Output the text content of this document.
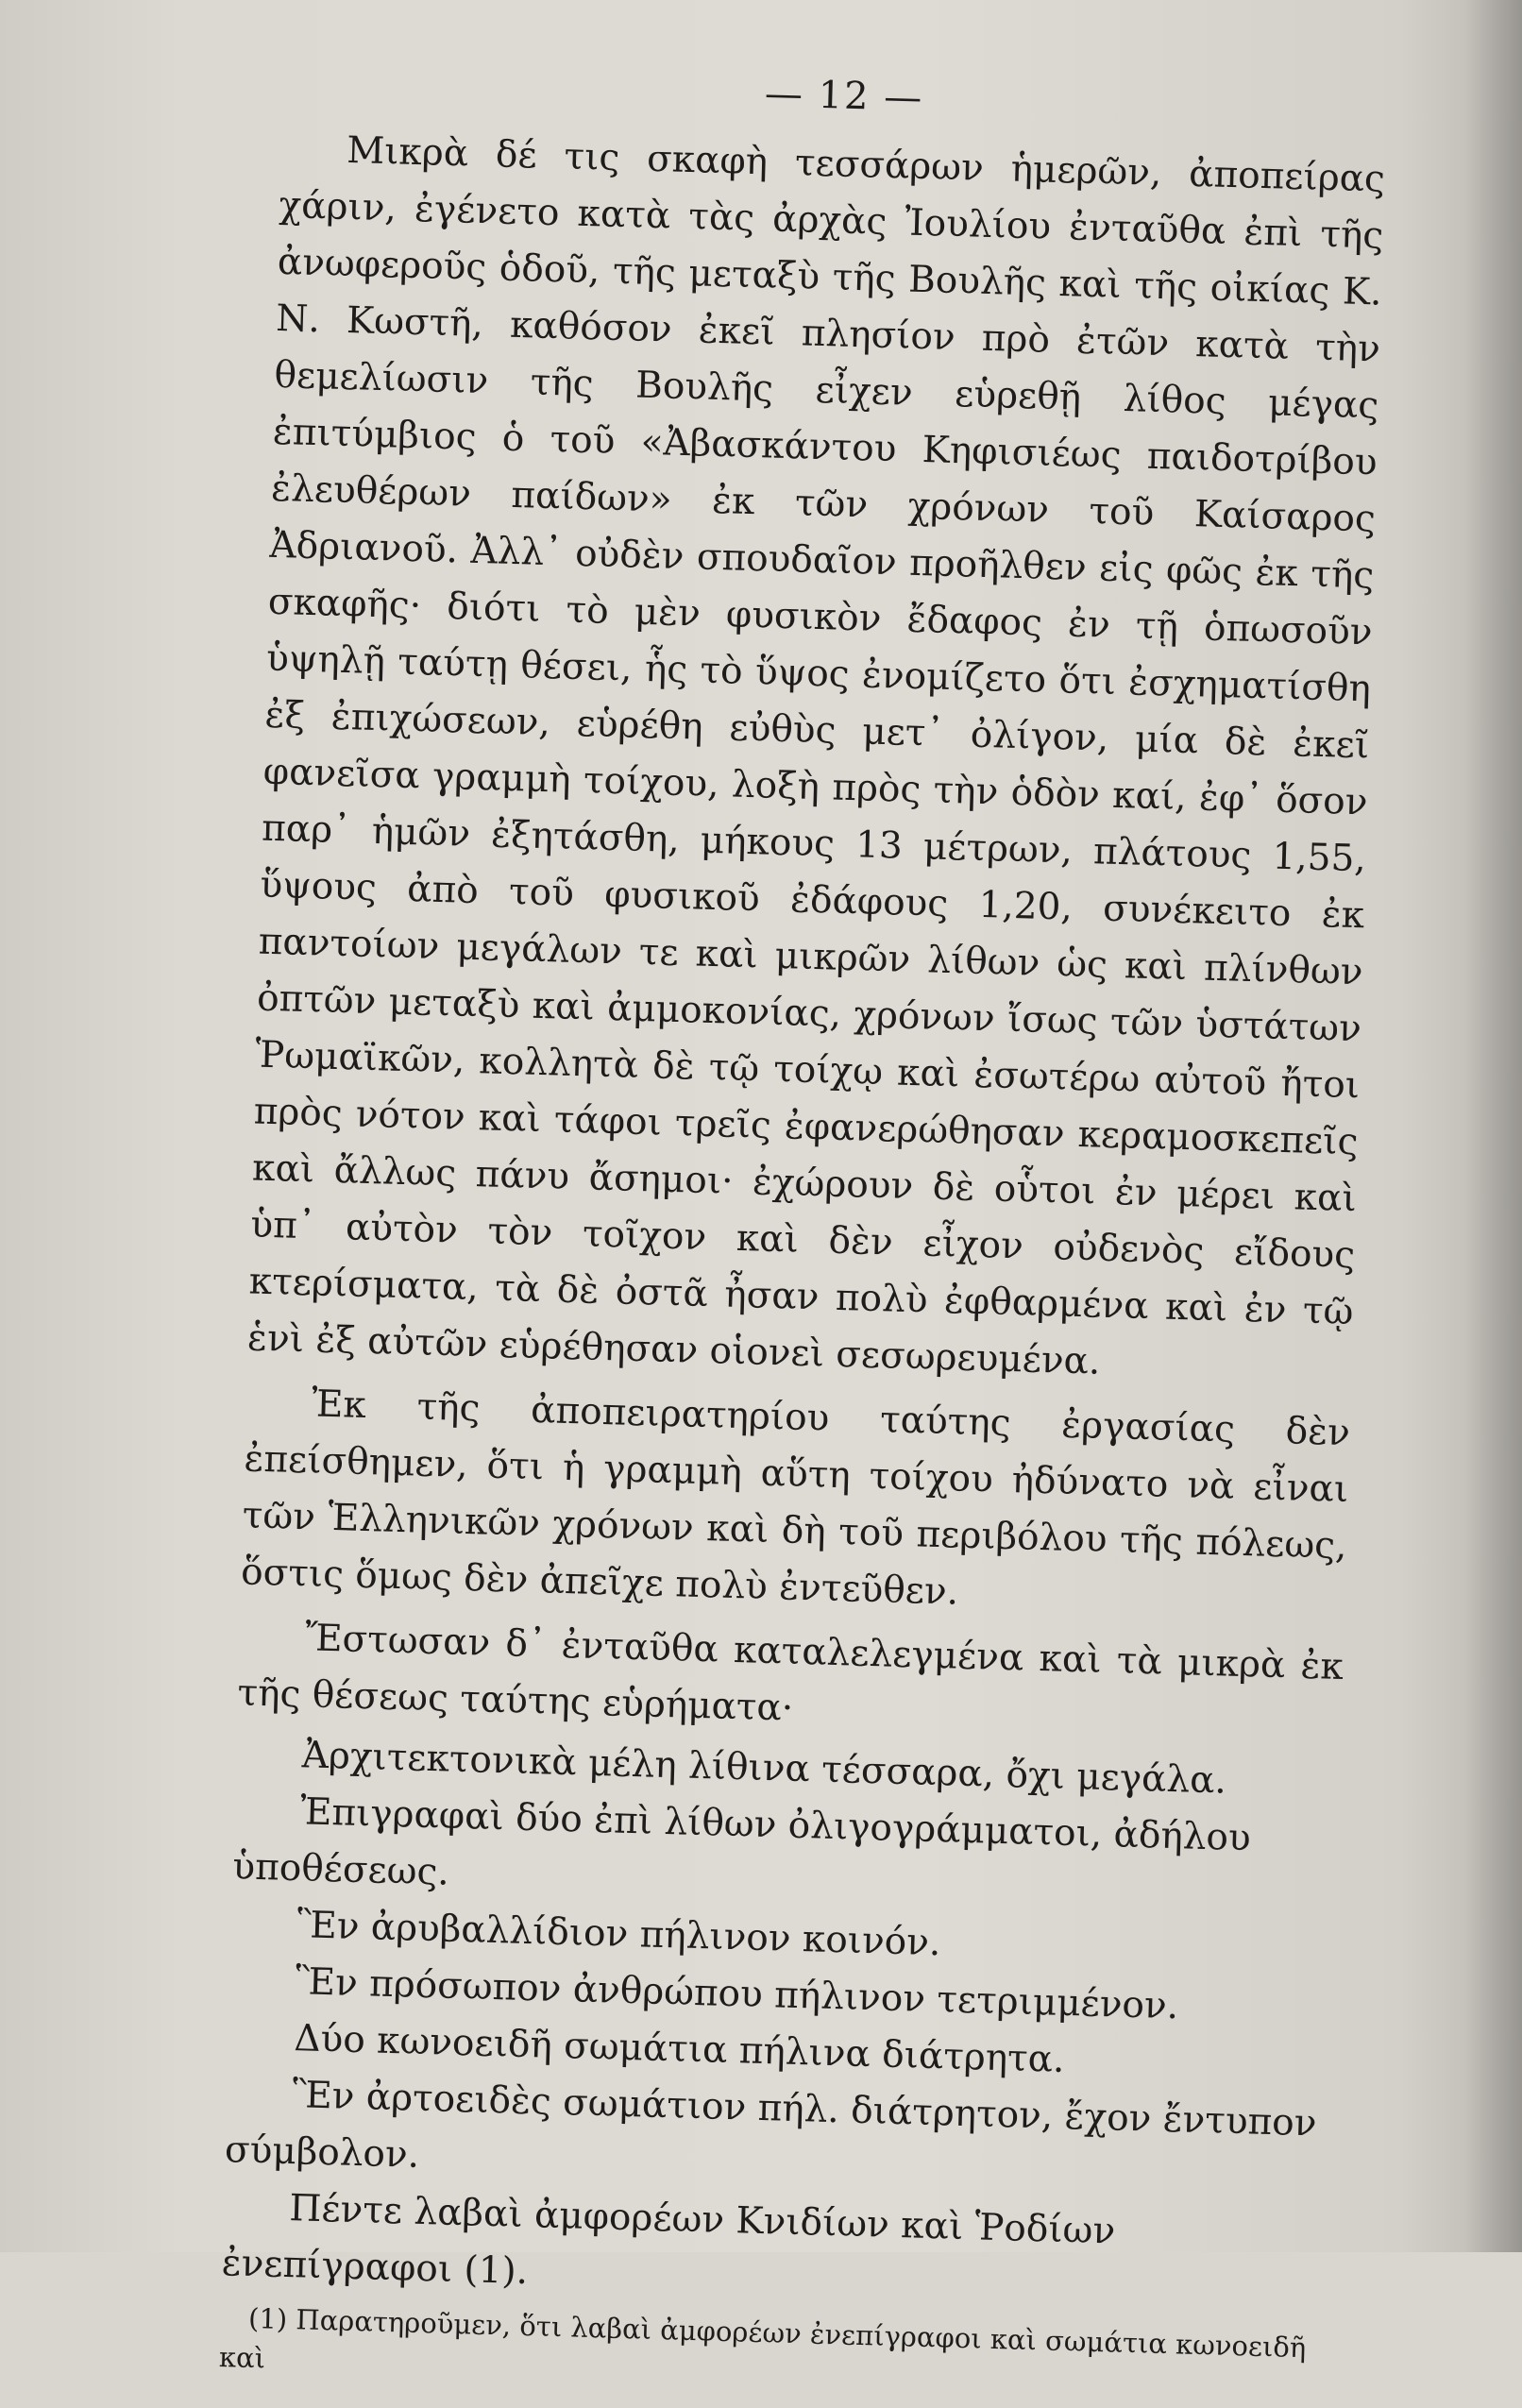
— 12 —

Μικρὰ δέ τις σκαφὴ τεσσάρων ἡμερῶν, ἀποπείρας χάριν, ἐγένετο κατὰ τὰς ἀρχὰς Ἰουλίου ἐνταῦθα ἐπὶ τῆς ἀνωφεροῦς ὁδοῦ, τῆς μεταξὺ τῆς Βουλῆς καὶ τῆς οἰκίας Κ. Ν. Κωστῆ, καθόσον ἐκεῖ πλησίον πρὸ ἐτῶν κατὰ τὴν θεμελίωσιν τῆς Βουλῆς εἶχεν εὑρεθῇ λίθος μέγας ἐπιτύμβιος ὁ τοῦ «Ἀβασκάντου Κηφισιέως παιδοτρίβου ἐλευθέρων παίδων» ἐκ τῶν χρόνων τοῦ Καίσαρος Ἀδριανοῦ. Ἀλλ᾽ οὐδὲν σπουδαῖον προῆλθεν εἰς φῶς ἐκ τῆς σκαφῆς· διότι τὸ μὲν φυσικὸν ἔδαφος ἐν τῇ ὁπωσοῦν ὑψηλῇ ταύτῃ θέσει, ἧς τὸ ὕψος ἐνομίζετο ὅτι ἐσχηματίσθη ἐξ ἐπιχώσεων, εὑρέθη εὐθὺς μετ᾽ ὀλίγον, μία δὲ ἐκεῖ φανεῖσα γραμμὴ τοίχου, λοξὴ πρὸς τὴν ὁδὸν καί, ἐφ᾽ ὅσον παρ᾽ ἡμῶν ἐξητάσθη, μήκους 13 μέτρων, πλάτους 1,55, ὕψους ἀπὸ τοῦ φυσικοῦ ἐδάφους 1,20, συνέκειτο ἐκ παντοίων μεγάλων τε καὶ μικρῶν λίθων ὡς καὶ πλίνθων ὀπτῶν μεταξὺ καὶ ἀμμοκονίας, χρόνων ἴσως τῶν ὑστάτων Ῥωμαϊκῶν, κολλητὰ δὲ τῷ τοίχῳ καὶ ἐσωτέρω αὐτοῦ ἤτοι πρὸς νότον καὶ τάφοι τρεῖς ἐφανερώθησαν κεραμοσκεπεῖς καὶ ἄλλως πάνυ ἄσημοι· ἐχώρουν δὲ οὗτοι ἐν μέρει καὶ ὑπ᾽ αὐτὸν τὸν τοῖχον καὶ δὲν εἶχον οὐδενὸς εἴδους κτερίσματα, τὰ δὲ ὀστᾶ ἦσαν πολὺ ἐφθαρμένα καὶ ἐν τῷ ἑνὶ ἐξ αὐτῶν εὑρέθησαν οἱονεὶ σεσωρευμένα.

Ἐκ τῆς ἀποπειρατηρίου ταύτης ἐργασίας δὲν ἐπείσθημεν, ὅτι ἡ γραμμὴ αὕτη τοίχου ἠδύνατο νὰ εἶναι τῶν Ἑλληνικῶν χρόνων καὶ δὴ τοῦ περιβόλου τῆς πόλεως, ὅστις ὅμως δὲν ἀπεῖχε πολὺ ἐντεῦθεν.

Ἔστωσαν δ᾽ ἐνταῦθα καταλελεγμένα καὶ τὰ μικρὰ ἐκ τῆς θέσεως ταύτης εὑρήματα·

Ἀρχιτεκτονικὰ μέλη λίθινα τέσσαρα, ὄχι μεγάλα.

Ἐπιγραφαὶ δύο ἐπὶ λίθων ὀλιγογράμματοι, ἀδήλου ὑποθέσεως.

Ἓν ἀρυβαλλίδιον πήλινον κοινόν.

Ἓν πρόσωπον ἀνθρώπου πήλινον τετριμμένον.

Δύο κωνοειδῆ σωμάτια πήλινα διάτρητα.

Ἓν ἀρτοειδὲς σωμάτιον πήλ. διάτρητον, ἔχον ἔντυπον σύμβολον.

Πέντε λαβαὶ ἀμφορέων Κνιδίων καὶ Ῥοδίων ἐνεπίγραφοι (1).

(1) Παρατηροῦμεν, ὅτι λαβαὶ ἀμφορέων ἐνεπίγραφοι καὶ σωμάτια κωνοειδῆ καὶ
